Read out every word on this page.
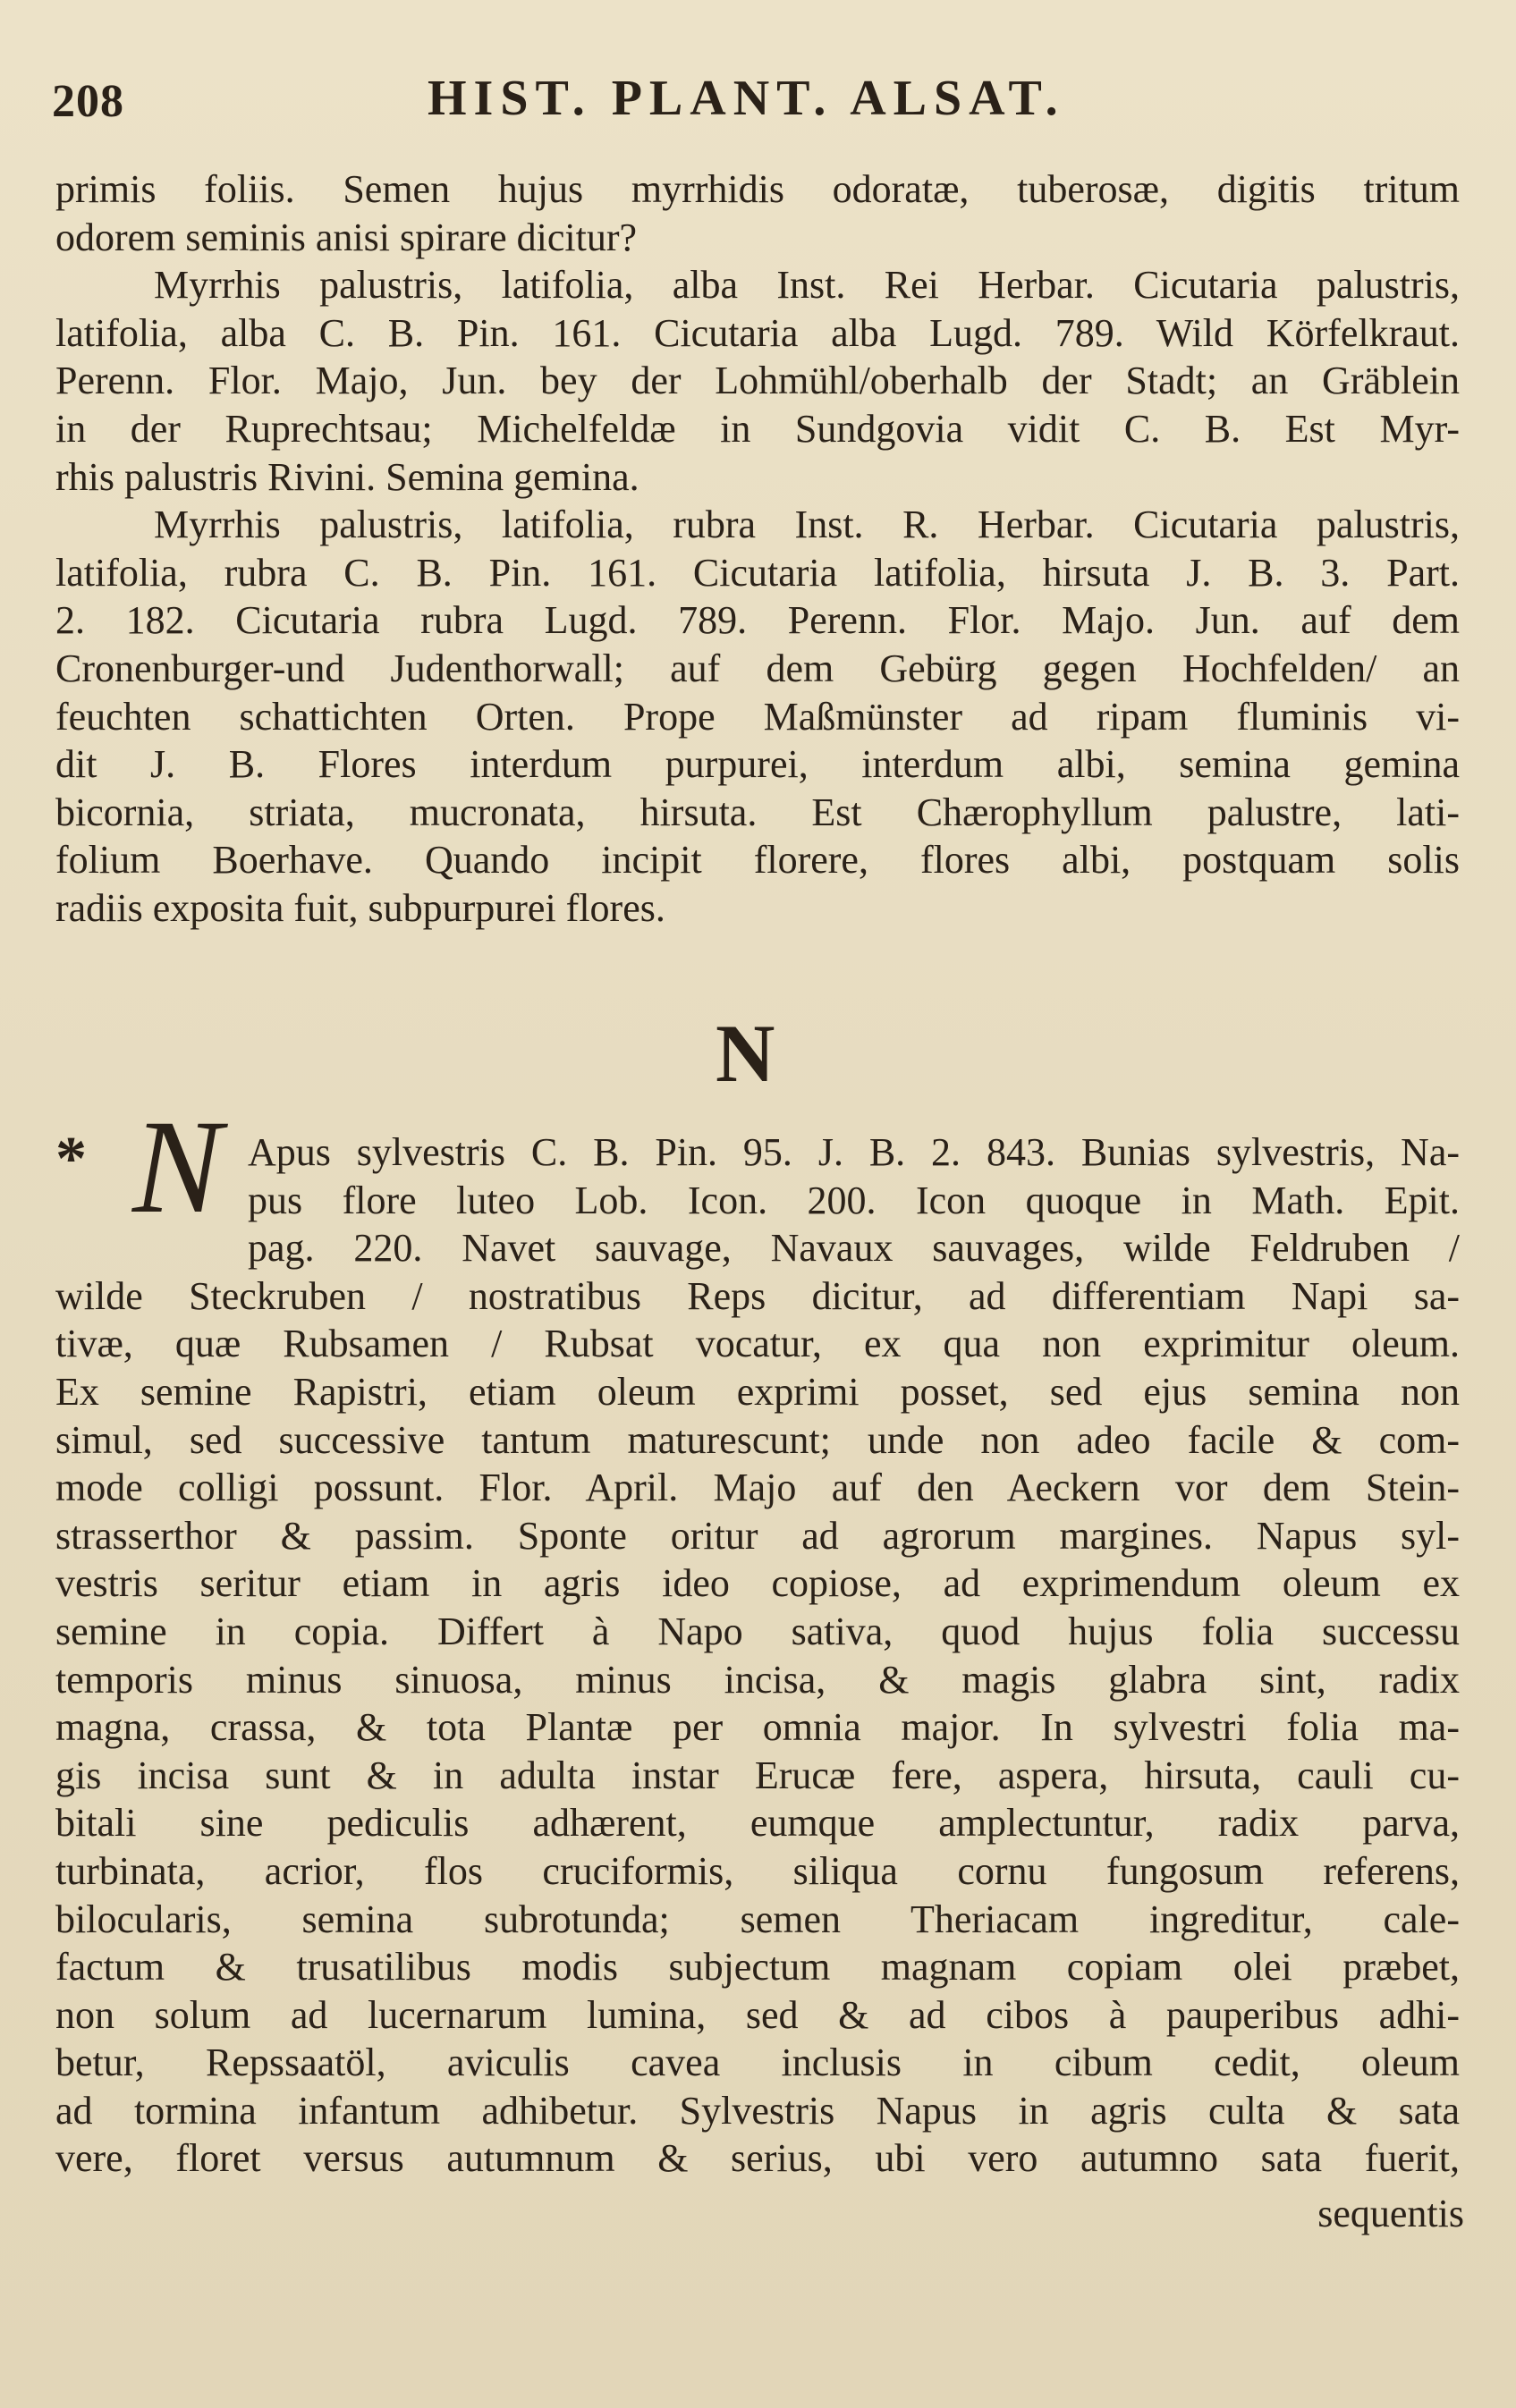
208	HIST. PLANT. ALSAT.
primis foliis. Semen hujus myrrhidis odoratæ, tuberosæ, digitis tritum
odorem seminis anisi spirare dicitur?
Myrrhis palustris, latifolia, alba Inst. Rei Herbar. Cicutaria palustris,
latifolia, alba C. B. Pin. 161. Cicutaria alba Lugd. 789. Wild Körfelkraut.
Perenn. Flor. Majo, Jun. bey der Lohmühl/oberhalb der Stadt; an Gräblein
in der Ruprechtsau; Michelfeldæ in Sundgovia vidit C. B. Est Myr-
rhis palustris Rivini. Semina gemina.
Myrrhis palustris, latifolia, rubra Inst. R. Herbar. Cicutaria palustris,
latifolia, rubra C. B. Pin. 161. Cicutaria latifolia, hirsuta J. B. 3. Part.
2. 182. Cicutaria rubra Lugd. 789. Perenn. Flor. Majo. Jun. auf dem
Cronenburger-und Judenthorwall; auf dem Gebürg gegen Hochfelden/ an
feuchten schattichten Orten. Prope Maßmünster ad ripam fluminis vi-
dit J. B. Flores interdum purpurei, interdum albi, semina gemina
bicornia, striata, mucronata, hirsuta. Est Chærophyllum palustre, lati-
folium Boerhave. Quando incipit florere, flores albi, postquam solis
radiis exposita fuit, subpurpurei flores.
N
* N Apus sylvestris C. B. Pin. 95. J. B. 2. 843. Bunias sylvestris, Na-
pus flore luteo Lob. Icon. 200. Icon quoque in Math. Epit.
pag. 220. Navet sauvage, Navaux sauvages, wilde Feldruben /
wilde Steckruben / nostratibus Reps dicitur, ad differentiam Napi sa-
tivæ, quæ Rubsamen / Rubsat vocatur, ex qua non exprimitur oleum.
Ex semine Rapistri, etiam oleum exprimi posset, sed ejus semina non
simul, sed successive tantum maturescunt; unde non adeo facile & com-
mode colligi possunt. Flor. April. Majo auf den Aeckern vor dem Stein-
strasserthor & passim. Sponte oritur ad agrorum margines. Napus syl-
vestris seritur etiam in agris ideo copiose, ad exprimendum oleum ex
semine in copia. Differt à Napo sativa, quod hujus folia successu
temporis minus sinuosa, minus incisa, & magis glabra sint, radix
magna, crassa, & tota Plantæ per omnia major. In sylvestri folia ma-
gis incisa sunt & in adulta instar Erucæ fere, aspera, hirsuta, cauli cu-
bitali sine pediculis adhærent, eumque amplectuntur, radix parva,
turbinata, acrior, flos cruciformis, siliqua cornu fungosum referens,
bilocularis, semina subrotunda; semen Theriacam ingreditur, cale-
factum & trusatilibus modis subjectum magnam copiam olei præbet,
non solum ad lucernarum lumina, sed & ad cibos à pauperibus adhi-
betur, Repssaatöl, aviculis cavea inclusis in cibum cedit, oleum
ad tormina infantum adhibetur. Sylvestris Napus in agris culta & sata
vere, floret versus autumnum & serius, ubi vero autumno sata fuerit,
sequentis
